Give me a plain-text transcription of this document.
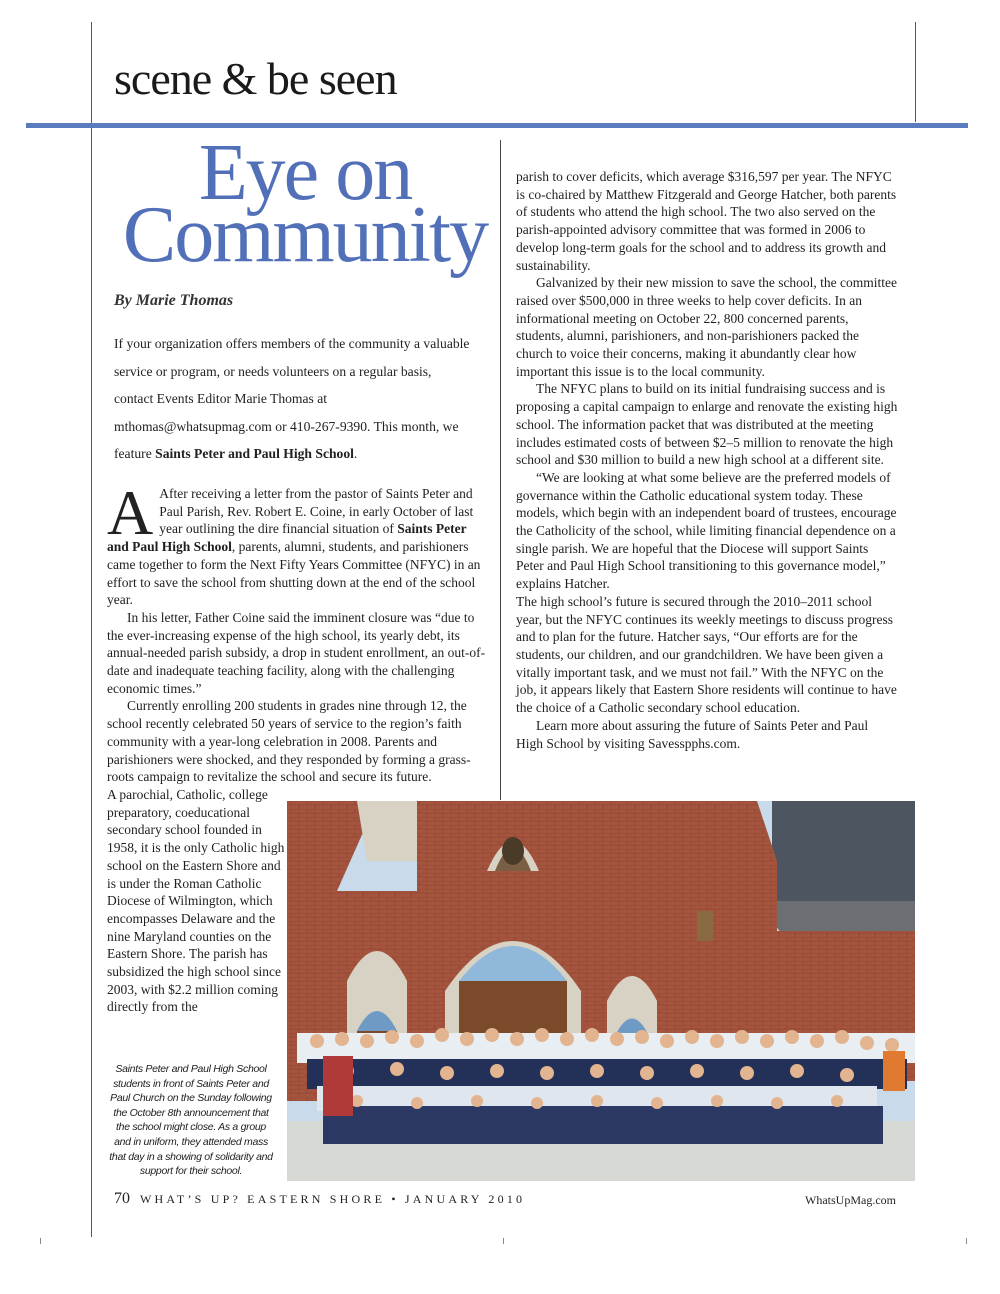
scene & be seen
Eye on
Community
By Marie Thomas
If your organization offers members of the community a valuable service or program, or needs volunteers on a regular basis, contact Events Editor Marie Thomas at mthomas@whatsupmag.com or 410-267-9390. This month, we feature Saints Peter and Paul High School.

A After receiving a letter from the pastor of Saints Peter and Paul Parish, Rev. Robert E. Coine, in early October of last year outlining the dire financial situation of Saints Peter and Paul High School, parents, alumni, students, and parishioners came together to form the Next Fifty Years Committee (NFYC) in an effort to save the school from shutting down at the end of the school year.

In his letter, Father Coine said the imminent closure was “due to the ever-increasing expense of the high school, its yearly debt, its annual-needed parish subsidy, a drop in student enrollment, an out-of-date and inadequate teaching facility, along with the challenging economic times.”

Currently enrolling 200 students in grades nine through 12, the school recently celebrated 50 years of service to the region’s faith community with a year-long celebration in 2008. Parents and parishioners were shocked, and they responded by forming a grass-roots campaign to revitalize the school and secure its future.

A parochial, Catholic, college preparatory, coeducational secondary school founded in 1958, it is the only Catholic high school on the Eastern Shore and is under the Roman Catholic Diocese of Wilmington, which encompasses Delaware and the nine Maryland counties on the Eastern Shore. The parish has subsidized the high school since 2003, with $2.2 million coming directly from the

parish to cover deficits, which average $316,597 per year. The NFYC is co-chaired by Matthew Fitzgerald and George Hatcher, both parents of students who attend the high school. The two also served on the parish-appointed advisory committee that was formed in 2006 to develop long-term goals for the school and to address its growth and sustainability.

Galvanized by their new mission to save the school, the committee raised over $500,000 in three weeks to help cover deficits. In an informational meeting on October 22, 800 concerned parents, students, alumni, parishioners, and non-parishioners packed the church to voice their concerns, making it abundantly clear how important this issue is to the local community.

The NFYC plans to build on its initial fundraising success and is proposing a capital campaign to enlarge and renovate the existing high school. The information packet that was distributed at the meeting includes estimated costs of between $2–5 million to renovate the high school and $30 million to build a new high school at a different site.

“We are looking at what some believe are the preferred models of governance within the Catholic educational system today. These models, which begin with an independent board of trustees, encourage the Catholicity of the school, while limiting financial dependence on a single parish. We are hopeful that the Diocese will support Saints Peter and Paul High School transitioning to this governance model,” explains Hatcher.

The high school’s future is secured through the 2010–2011 school year, but the NFYC continues its weekly meetings to discuss progress and to plan for the future. Hatcher says, “Our efforts are for the students, our children, and our grandchildren. We have been given a vitally important task, and we must not fail.” With the NFYC on the job, it appears likely that Eastern Shore residents will continue to have the choice of a Catholic secondary school education.

Learn more about assuring the future of Saints Peter and Paul High School by visiting Savesspphs.com.

Saints Peter and Paul High School students in front of Saints Peter and Paul Church on the Sunday following the October 8th announcement that the school might close. As a group and in uniform, they attended mass that day in a showing of solidarity and support for their school.
70 WHAT’S UP? EASTERN SHORE • JANUARY 2010	WhatsUpMag.com
